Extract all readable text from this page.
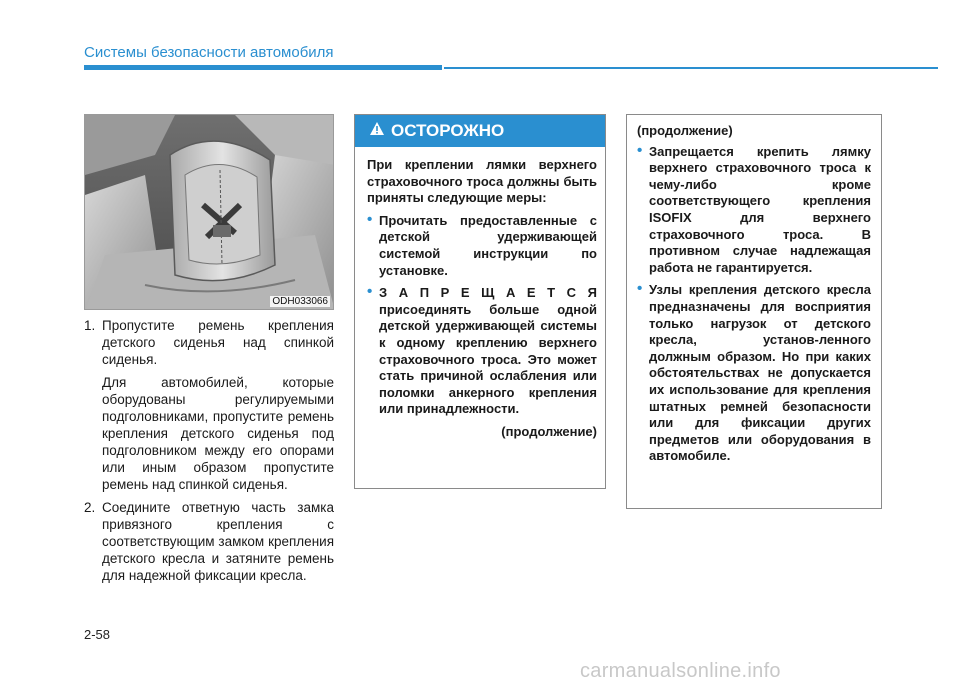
Системы безопасности автомобиля
ODH033066
1. Пропустите ремень крепления детского сиденья над спинкой сиденья.

Для автомобилей, которые оборудованы регулируемыми подголовниками, пропустите ремень крепления детского сиденья под подголовником между его опорами или иным образом пропустите ремень над спинкой сиденья.

2. Соедините ответную часть замка привязного крепления с соответствующим замком крепления детского кресла и затяните ремень для надежной фиксации кресла.

ОСТОРОЖНО

При креплении лямки верхнего страховочного троса должны быть приняты следующие меры:

• Прочитать предоставленные с детской удерживающей системой инструкции по установке.
• З А П Р Е Щ А Е Т С Я присоединять больше одной детской удерживающей системы к одному креплению верхнего страховочного троса. Это может стать причиной ослабления или поломки анкерного крепления или принадлежности.
(продолжение)
(продолжение)
• Запрещается крепить лямку верхнего страховочного троса к чему-либо кроме соответствующего крепления ISOFIX для верхнего страховочного троса. В противном случае надлежащая работа не гарантируется.
• Узлы крепления детского кресла предназначены для восприятия только нагрузок от детского кресла, установ-ленного должным образом. Но при каких обстоятельствах не допускается их использование для крепления штатных ремней безопасности или для фиксации других предметов или оборудования в автомобиле.
2-58
carmanualsonline.info
